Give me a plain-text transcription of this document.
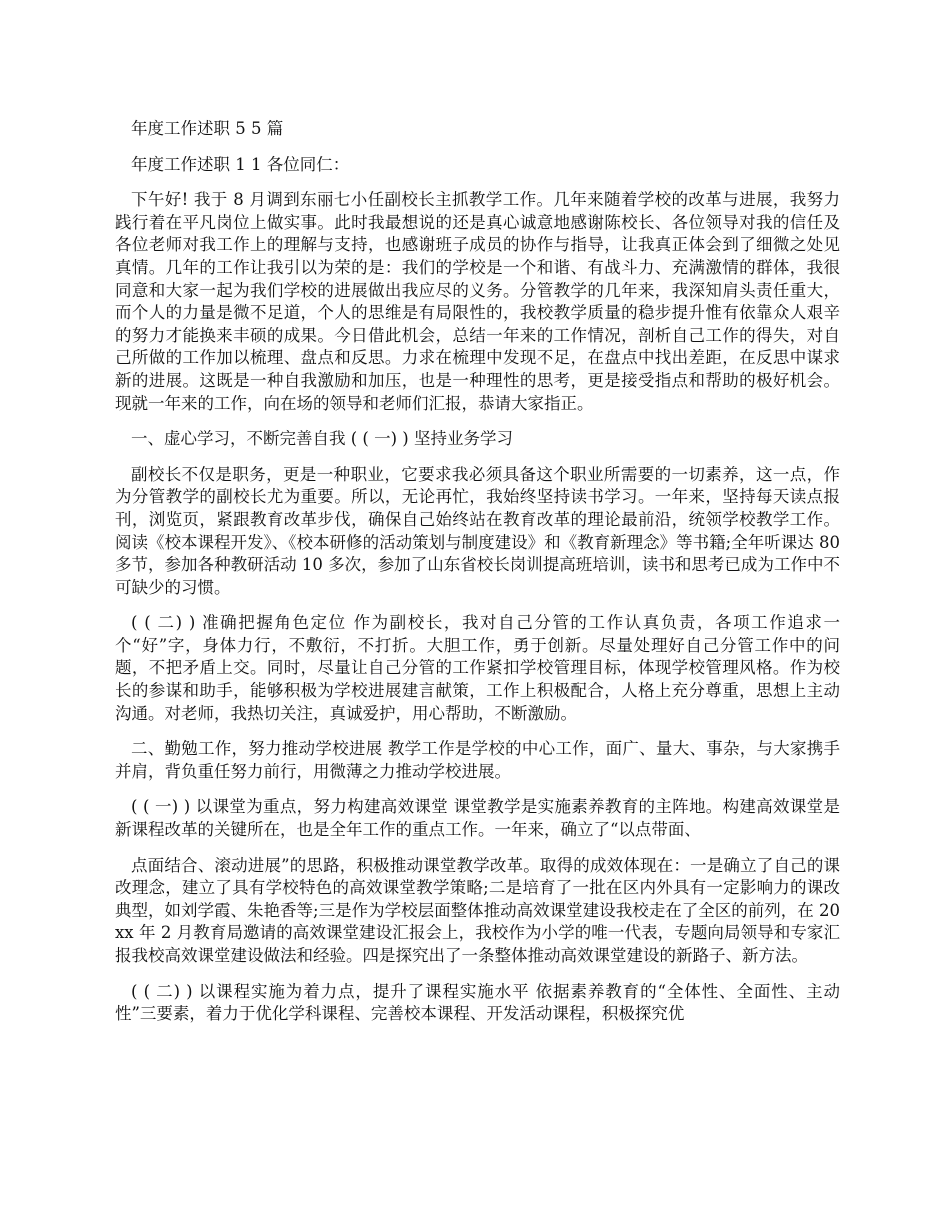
年度工作述职 5 5 篇

年度工作述职 1 1 各位同仁：

下午好! 我于 8 月调到东丽七小任副校长主抓教学工作。几年来随着学校的改革与进展，我努力践行着在平凡岗位上做实事。此时我最想说的还是真心诚意地感谢陈校长、各位领导对我的信任及各位老师对我工作上的理解与支持，也感谢班子成员的协作与指导，让我真正体会到了细微之处见真情。几年的工作让我引以为荣的是：我们的学校是一个和谐、有战斗力、充满激情的群体，我很同意和大家一起为我们学校的进展做出我应尽的义务。分管教学的几年来，我深知肩头责任重大，而个人的力量是微不足道，个人的思维是有局限性的，我校教学质量的稳步提升惟有依靠众人艰辛的努力才能换来丰硕的成果。今日借此机会，总结一年来的工作情况，剖析自己工作的得失，对自己所做的工作加以梳理、盘点和反思。力求在梳理中发现不足，在盘点中找出差距，在反思中谋求新的进展。这既是一种自我激励和加压，也是一种理性的思考，更是接受指点和帮助的极好机会。现就一年来的工作，向在场的领导和老师们汇报，恭请大家指正。

一、虚心学习，不断完善自我 ( ( 一) ) 坚持业务学习

副校长不仅是职务，更是一种职业，它要求我必须具备这个职业所需要的一切素养，这一点，作为分管教学的副校长尤为重要。所以，无论再忙，我始终坚持读书学习。一年来，坚持每天读点报刊，浏览页，紧跟教育改革步伐，确保自己始终站在教育改革的理论最前沿，统领学校教学工作。阅读《校本课程开发》、《校本研修的活动策划与制度建设》和《教育新理念》等书籍;全年听课达 80 多节，参加各种教研活动 10 多次，参加了山东省校长岗训提高班培训，读书和思考已成为工作中不可缺少的习惯。

( ( 二) ) 准确把握角色定位 作为副校长，我对自己分管的工作认真负责，各项工作追求一个“好”字，身体力行，不敷衍，不打折。大胆工作，勇于创新。尽量处理好自己分管工作中的问题，不把矛盾上交。同时，尽量让自己分管的工作紧扣学校管理目标，体现学校管理风格。作为校长的参谋和助手，能够积极为学校进展建言献策，工作上积极配合，人格上充分尊重，思想上主动沟通。对老师，我热切关注，真诚爱护，用心帮助，不断激励。

二、勤勉工作，努力推动学校进展 教学工作是学校的中心工作，面广、量大、事杂，与大家携手并肩，背负重任努力前行，用微薄之力推动学校进展。

( ( 一) ) 以课堂为重点，努力构建高效课堂 课堂教学是实施素养教育的主阵地。构建高效课堂是新课程改革的关键所在，也是全年工作的重点工作。一年来，确立了“以点带面、

点面结合、滚动进展”的思路，积极推动课堂教学改革。取得的成效体现在：一是确立了自己的课改理念，建立了具有学校特色的高效课堂教学策略;二是培育了一批在区内外具有一定影响力的课改典型，如刘学霞、朱艳香等;三是作为学校层面整体推动高效课堂建设我校走在了全区的前列，在 20xx 年 2 月教育局邀请的高效课堂建设汇报会上，我校作为小学的唯一代表，专题向局领导和专家汇报我校高效课堂建设做法和经验。四是探究出了一条整体推动高效课堂建设的新路子、新方法。

( ( 二) ) 以课程实施为着力点，提升了课程实施水平 依据素养教育的“全体性、全面性、主动性”三要素，着力于优化学科课程、完善校本课程、开发活动课程，积极探究优
